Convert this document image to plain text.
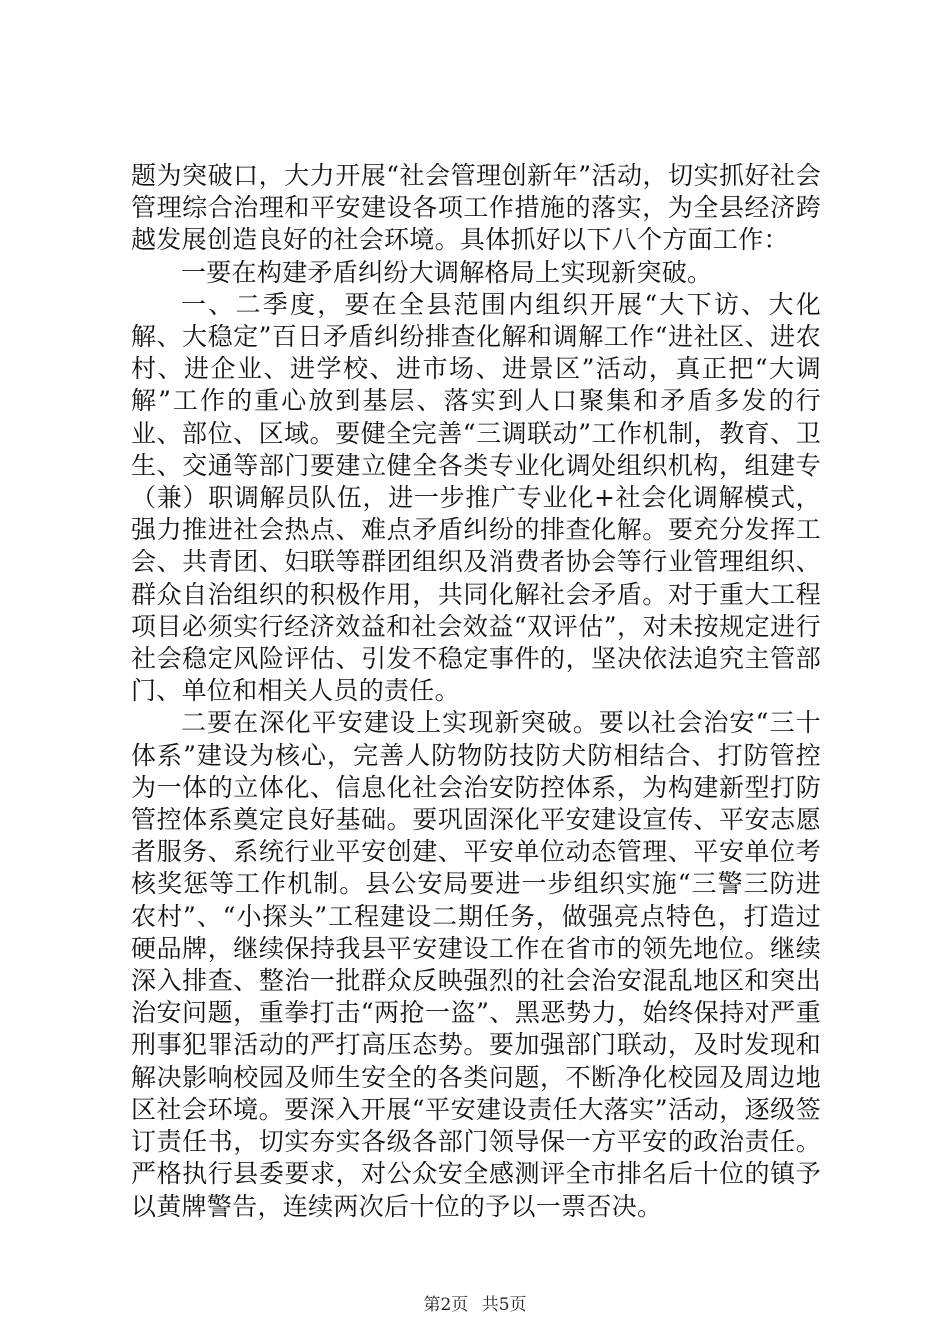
题为突破口，大力开展“社会管理创新年”活动，切实抓好社会管理综合治理和平安建设各项工作措施的落实，为全县经济跨越发展创造良好的社会环境。具体抓好以下八个方面工作：

一要在构建矛盾纠纷大调解格局上实现新突破。

一、二季度，要在全县范围内组织开展“大下访、大化解、大稳定”百日矛盾纠纷排查化解和调解工作“进社区、进农村、进企业、进学校、进市场、进景区”活动，真正把“大调解”工作的重心放到基层、落实到人口聚集和矛盾多发的行业、部位、区域。要健全完善“三调联动”工作机制，教育、卫生、交通等部门要建立健全各类专业化调处组织机构，组建专（兼）职调解员队伍，进一步推广专业化+社会化调解模式，强力推进社会热点、难点矛盾纠纷的排查化解。要充分发挥工会、共青团、妇联等群团组织及消费者协会等行业管理组织、群众自治组织的积极作用，共同化解社会矛盾。对于重大工程项目必须实行经济效益和社会效益“双评估”，对未按规定进行社会稳定风险评估、引发不稳定事件的，坚决依法追究主管部门、单位和相关人员的责任。

二要在深化平安建设上实现新突破。要以社会治安“三十体系”建设为核心，完善人防物防技防犬防相结合、打防管控为一体的立体化、信息化社会治安防控体系，为构建新型打防管控体系奠定良好基础。要巩固深化平安建设宣传、平安志愿者服务、系统行业平安创建、平安单位动态管理、平安单位考核奖惩等工作机制。县公安局要进一步组织实施“三警三防进农村”、“小探头”工程建设二期任务，做强亮点特色，打造过硬品牌，继续保持我县平安建设工作在省市的领先地位。继续深入排查、整治一批群众反映强烈的社会治安混乱地区和突出治安问题，重拳打击“两抢一盗”、黑恶势力，始终保持对严重刑事犯罪活动的严打高压态势。要加强部门联动，及时发现和解决影响校园及师生安全的各类问题，不断净化校园及周边地区社会环境。要深入开展“平安建设责任大落实”活动，逐级签订责任书，切实夯实各级各部门领导保一方平安的政治责任。严格执行县委要求，对公众安全感测评全市排名后十位的镇予以黄牌警告，连续两次后十位的予以一票否决。

第2页 共5页
